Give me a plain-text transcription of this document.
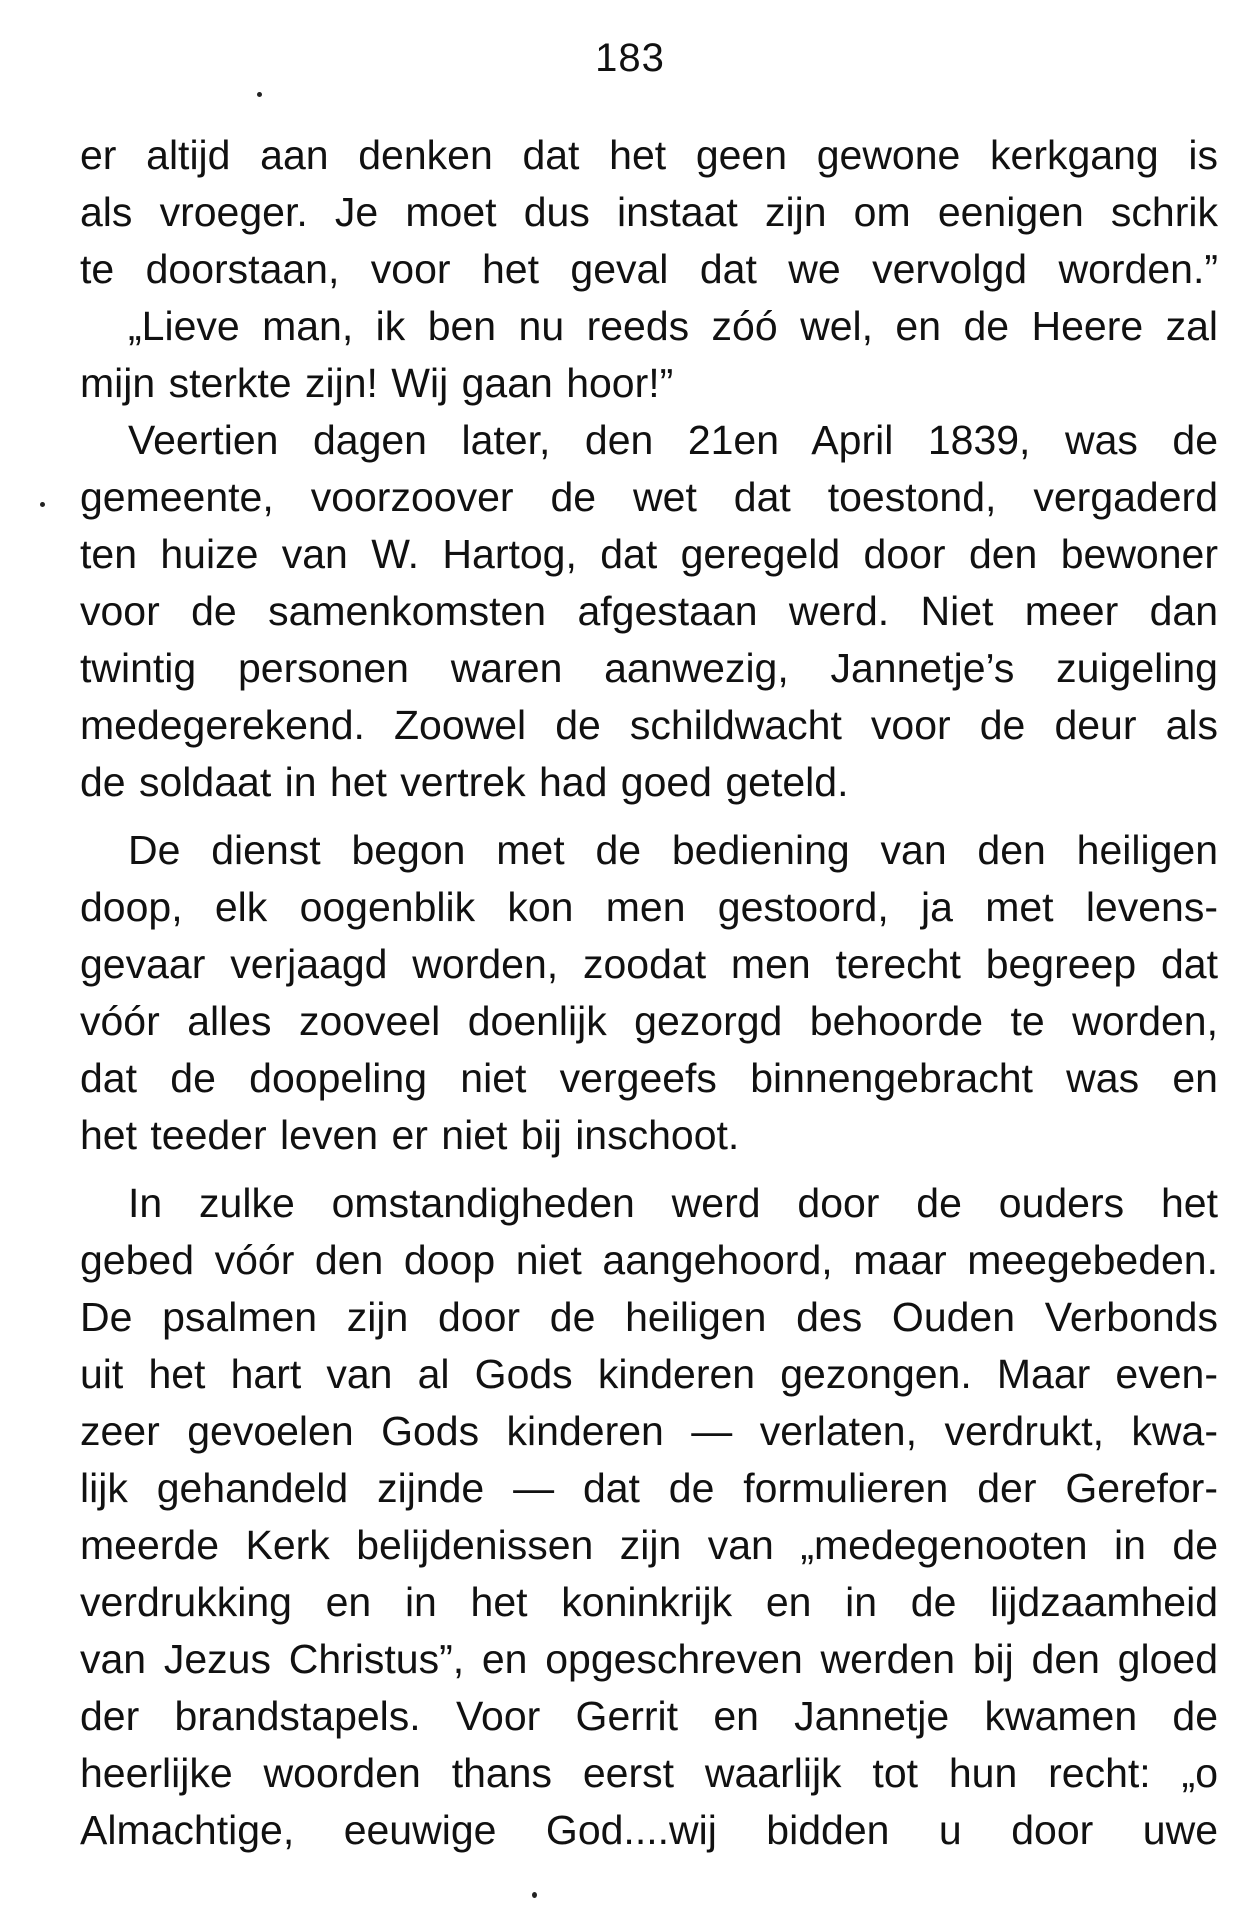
183
er altijd aan denken dat het geen gewone kerkgang is
als vroeger. Je moet dus instaat zijn om eenigen schrik
te doorstaan, voor het geval dat we vervolgd worden.”
„Lieve man, ik ben nu reeds zóó wel, en de Heere zal
mijn sterkte zijn! Wij gaan hoor!”
Veertien dagen later, den 21en April 1839, was de
gemeente, voorzoover de wet dat toestond, vergaderd
ten huize van W. Hartog, dat geregeld door den bewoner
voor de samenkomsten afgestaan werd. Niet meer dan
twintig personen waren aanwezig, Jannetje’s zuigeling
medegerekend. Zoowel de schildwacht voor de deur als
de soldaat in het vertrek had goed geteld.
De dienst begon met de bediening van den heiligen
doop, elk oogenblik kon men gestoord, ja met levens-
gevaar verjaagd worden, zoodat men terecht begreep dat
vóór alles zooveel doenlijk gezorgd behoorde te worden,
dat de doopeling niet vergeefs binnengebracht was en
het teeder leven er niet bij inschoot.
In zulke omstandigheden werd door de ouders het
gebed vóór den doop niet aangehoord, maar meegebeden.
De psalmen zijn door de heiligen des Ouden Verbonds
uit het hart van al Gods kinderen gezongen. Maar even-
zeer gevoelen Gods kinderen — verlaten, verdrukt, kwa-
lijk gehandeld zijnde — dat de formulieren der Gerefor-
meerde Kerk belijdenissen zijn van „medegenooten in de
verdrukking en in het koninkrijk en in de lijdzaamheid
van Jezus Christus”, en opgeschreven werden bij den gloed
der brandstapels. Voor Gerrit en Jannetje kwamen de
heerlijke woorden thans eerst waarlijk tot hun recht: „o
Almachtige, eeuwige God....wij bidden u door uwe
